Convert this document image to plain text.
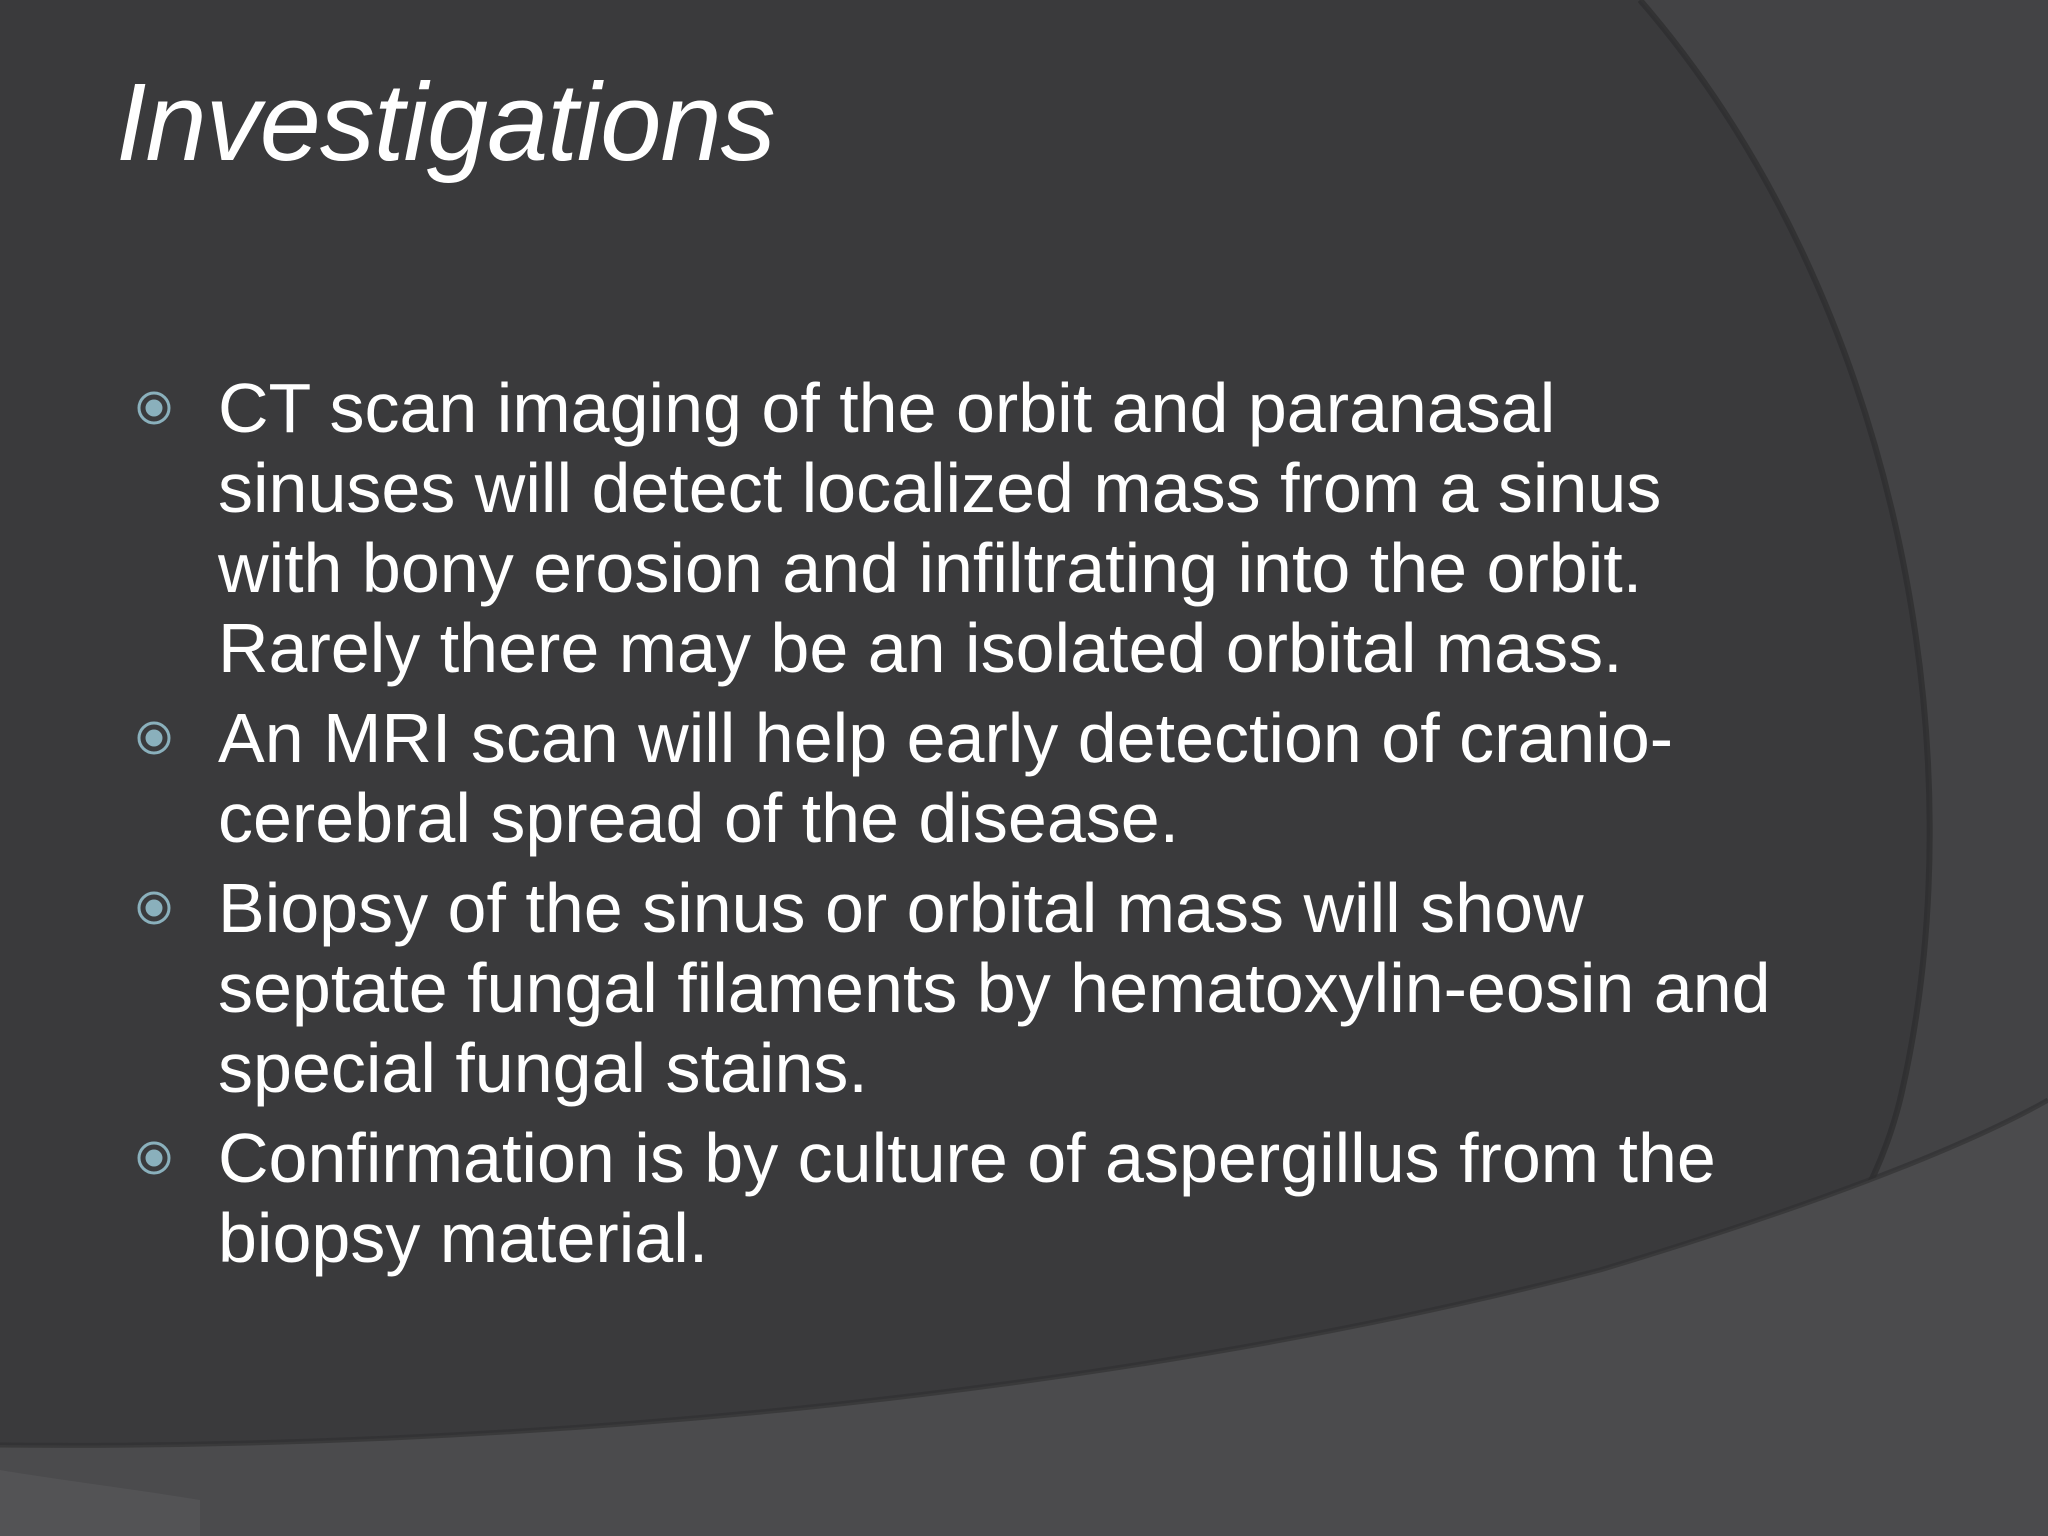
Investigations
CT scan imaging of the orbit and paranasal sinuses will detect localized mass from a sinus with bony erosion and infiltrating into the orbit. Rarely there may be an isolated orbital mass.
An MRI scan will help early detection of cranio-cerebral spread of the disease.
Biopsy of the sinus or orbital mass will show septate fungal filaments by hematoxylin-eosin and special fungal stains.
Confirmation is by culture of aspergillus from the biopsy material.
